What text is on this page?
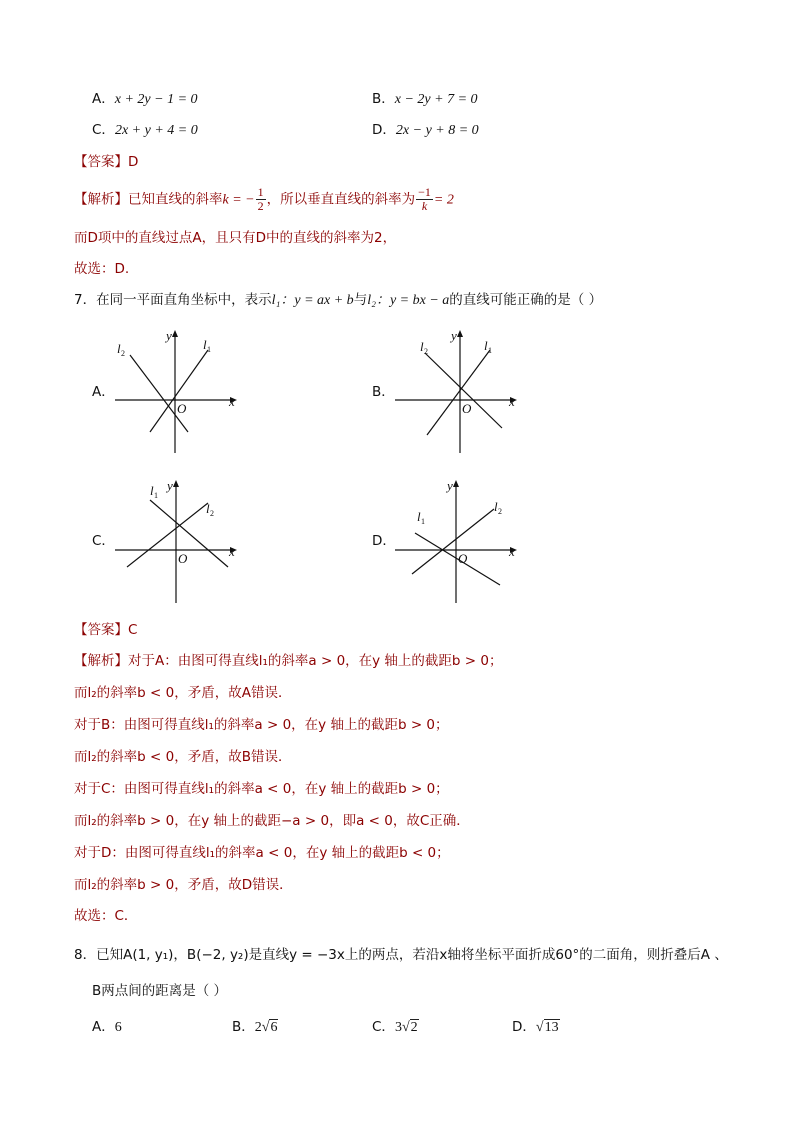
A．x + 2y − 1 = 0	B．x − 2y + 7 = 0
C．2x + y + 4 = 0	D．2x − y + 8 = 0
【答案】D
【解析】已知直线的斜率k = − $\frac{1}{2}$ ，所以垂直直线的斜率为 $\frac{-1}{k} = 2$
而D项中的直线过点A，且只有D中的直线的斜率为2，
故选：D.
7．在同一平面直角坐标中，表示l₁：y = ax + b与l₂：y = bx − a的直线可能正确的是（ ）
A．	B．
C．	D．
x
y
O
l 1
l 2
x
y
O
l 1
l 2
x
y
O
l 1
l 2
x
y
O
l 1
l 2
【答案】C
【解析】对于A：由图可得直线l₁的斜率a > 0，在y 轴上的截距b > 0；
而l₂的斜率b < 0，矛盾，故A错误．
对于B：由图可得直线l₁的斜率a > 0，在y 轴上的截距b > 0；
而l₂的斜率b < 0，矛盾，故B错误．
对于C：由图可得直线l₁的斜率a < 0，在y 轴上的截距b > 0；
而l₂的斜率b > 0，在y 轴上的截距−a > 0，即a < 0，故C正确．
对于D：由图可得直线l₁的斜率a < 0，在y 轴上的截距b < 0；
而l₂的斜率b > 0，矛盾，故D错误．
故选：C．
8．已知A(1, y₁)，B(−2, y₂)是直线y = −3x上的两点，若沿x轴将坐标平面折成60°的二面角，则折叠后A 、
B两点间的距离是（ ）
A．6	B．2√6	C．3√2	D．√13
